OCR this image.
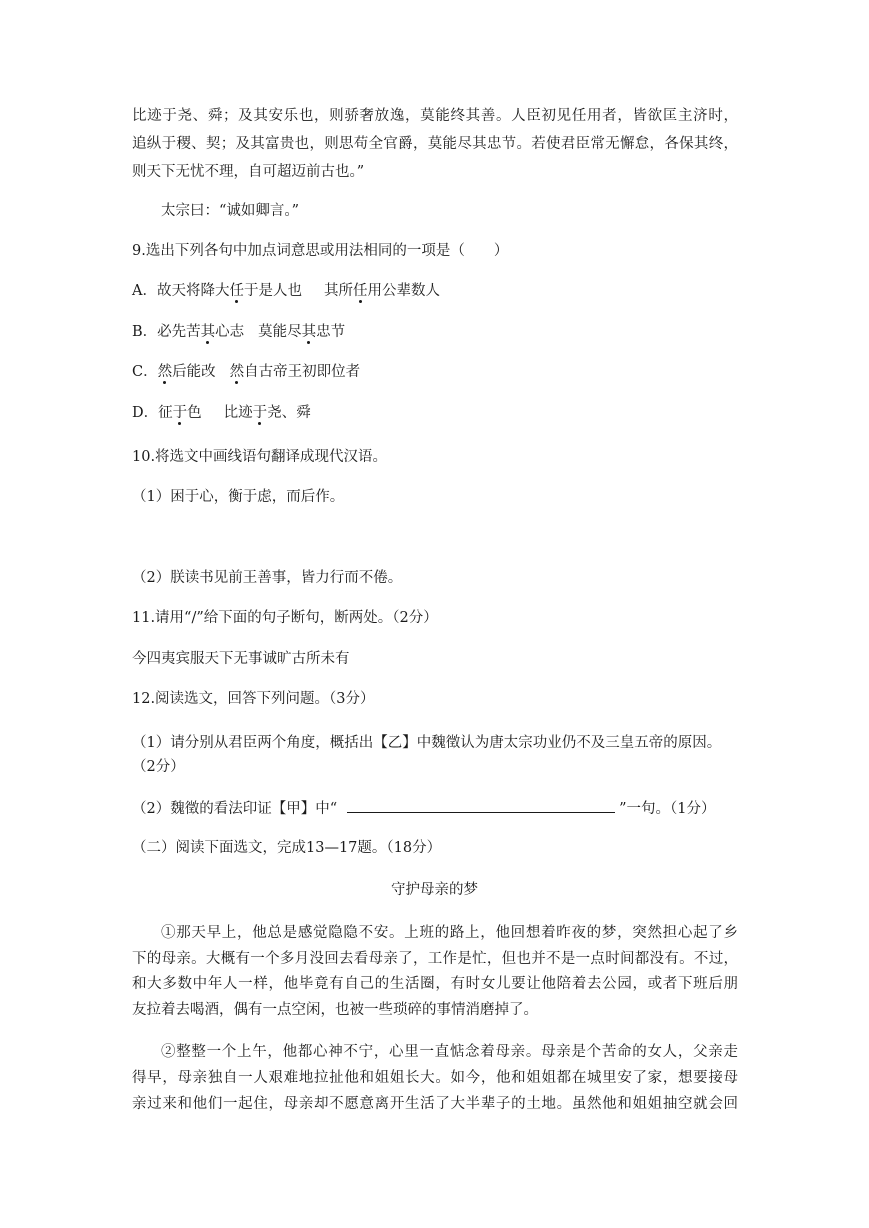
比迹于尧、舜；及其安乐也，则骄奢放逸，莫能终其善。人臣初见任用者，皆欲匡主济时，
追纵于稷、契；及其富贵也，则思苟全官爵，莫能尽其忠节。若使君臣常无懈怠，各保其终，
则天下无忧不理，自可超迈前古也。”
太宗曰：“诚如卿言。”
9.选出下列各句中加点词意思或用法相同的一项是（　　）
A．故天将降大任于是人也 其所任用公辈数人
B．必先苦其心志 莫能尽其忠节
C．然后能改 然自古帝王初即位者
D．征于色 比迹于尧、舜
10.将选文中画线语句翻译成现代汉语。
（1）困于心，衡于虑，而后作。
（2）朕读书见前王善事，皆力行而不倦。
11.请用“/”给下面的句子断句，断两处。（2分）
今四夷宾服天下无事诚旷古所未有
12.阅读选文，回答下列问题。（3分）
（1）请分别从君臣两个角度，概括出【乙】中魏徵认为唐太宗功业仍不及三皇五帝的原因。
（2分）
（2）魏徵的看法印证【甲】中“	”一句。（1分）
（二）阅读下面选文，完成13—17题。（18分）
守护母亲的梦
①那天早上，他总是感觉隐隐不安。上班的路上，他回想着昨夜的梦，突然担心起了乡
下的母亲。大概有一个多月没回去看母亲了，工作是忙，但也并不是一点时间都没有。不过，
和大多数中年人一样，他毕竟有自己的生活圈，有时女儿要让他陪着去公园，或者下班后朋
友拉着去喝酒，偶有一点空闲，也被一些琐碎的事情消磨掉了。
②整整一个上午，他都心神不宁，心里一直惦念着母亲。母亲是个苦命的女人，父亲走
得早，母亲独自一人艰难地拉扯他和姐姐长大。如今，他和姐姐都在城里安了家，想要接母
亲过来和他们一起住，母亲却不愿意离开生活了大半辈子的土地。虽然他和姐姐抽空就会回
